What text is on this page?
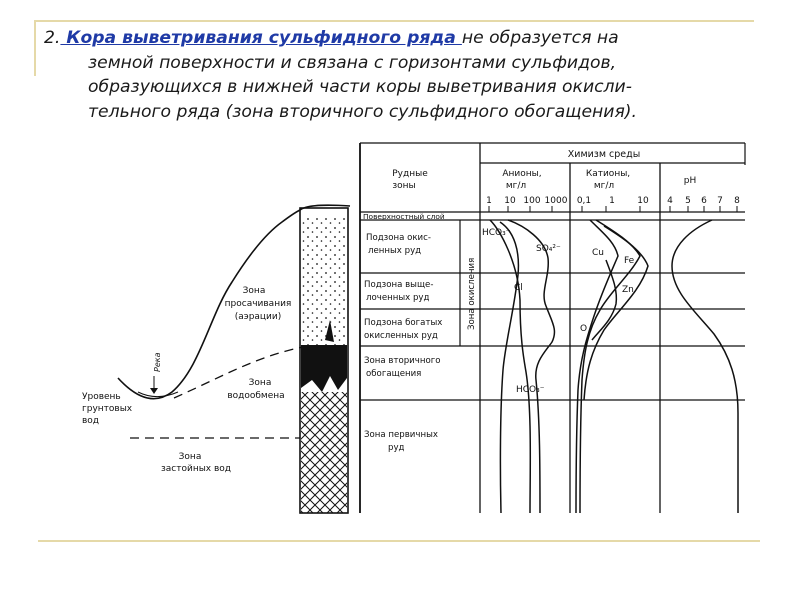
2. Кора выветривания сульфидного ряда не образуется на
земной поверхности и связана с горизонтами сульфидов,
образующихся в нижней части коры выветривания окисли-
тельного ряда (зона вторичного сульфидного обогащения).
Зона
просачивания
(аэрации)
Река
Уровень
грунтовых
вод
Зона
водообмена
Зона
застойных вод
Химизм среды
Рудные
зоны
Анионы,
мг/л
Катионы,
мг/л	pH
1 10 100 1000 0,1 1 10 4 5 6 7 8
Поверхностный слой
Подзона окис-
ленных руд
Подзона выще-
лоченных руд
Подзона богатых
окисленных руд
Зона вторичного
обогащения
Зона первичных
руд
Зона окисления
HCO₃⁻
SO₄²⁻
Cl
HCO₃⁻
Cu
Fe
Zn
O
